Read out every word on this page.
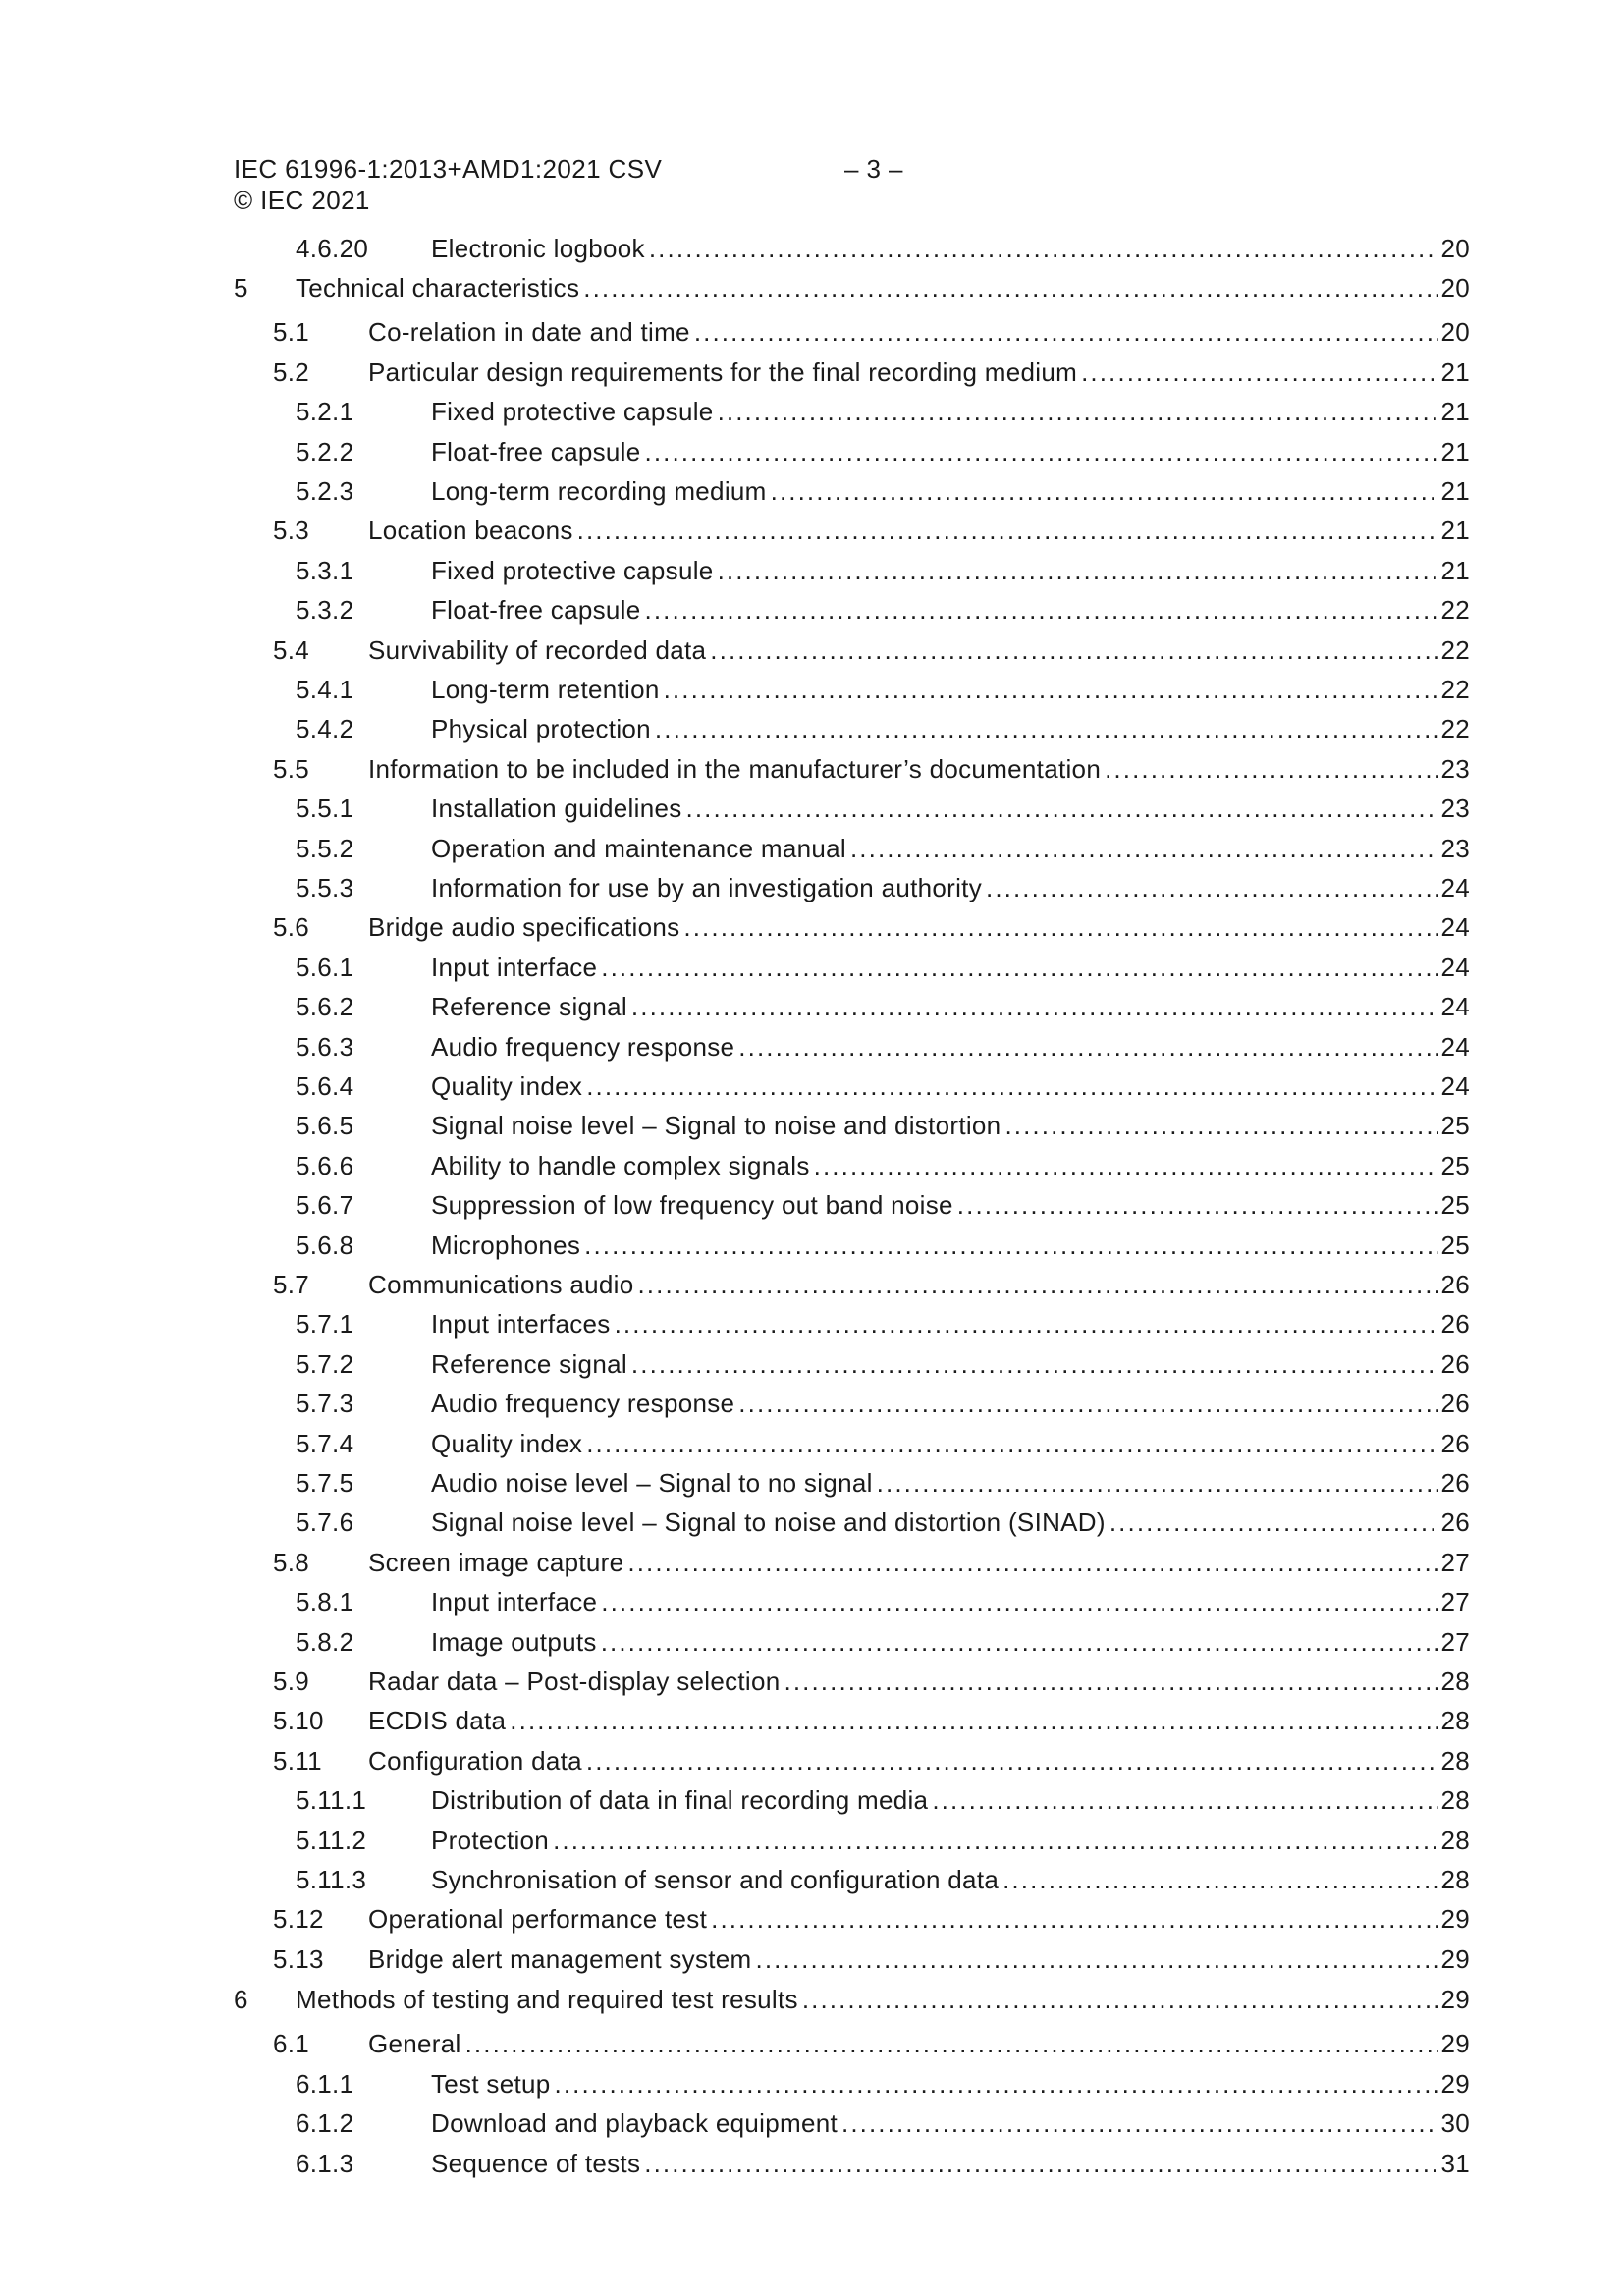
IEC 61996-1:2013+AMD1:2021 CSV	– 3 –
© IEC 2021
4.6.20 Electronic logbook .....	20
5 Technical characteristics .....	20
5.1 Co-relation in date and time .....	20
5.2 Particular design requirements for the final recording medium .....	21
5.2.1	Fixed protective capsule .....	21
5.2.2	Float-free capsule .....	21
5.2.3	Long-term recording medium .....	21
5.3 Location beacons .....	21
5.3.1	Fixed protective capsule .....	21
5.3.2	Float-free capsule .....	22
5.4 Survivability of recorded data .....	22
5.4.1	Long-term retention .....	22
5.4.2	Physical protection .....	22
5.5 Information to be included in the manufacturer’s documentation .....	23
5.5.1	Installation guidelines .....	23
5.5.2	Operation and maintenance manual .....	23
5.5.3	Information for use by an investigation authority .....	24
5.6 Bridge audio specifications .....	24
5.6.1	Input interface .....	24
5.6.2	Reference signal .....	24
5.6.3	Audio frequency response .....	24
5.6.4	Quality index .....	24
5.6.5	Signal noise level – Signal to noise and distortion .....	25
5.6.6	Ability to handle complex signals .....	25
5.6.7	Suppression of low frequency out band noise .....	25
5.6.8	Microphones .....	25
5.7 Communications audio .....	26
5.7.1	Input interfaces .....	26
5.7.2	Reference signal .....	26
5.7.3	Audio frequency response .....	26
5.7.4	Quality index .....	26
5.7.5	Audio noise level – Signal to no signal .....	26
5.7.6	Signal noise level – Signal to noise and distortion (SINAD) .....	26
5.8 Screen image capture .....	27
5.8.1	Input interface .....	27
5.8.2	Image outputs .....	27
5.9 Radar data – Post-display selection .....	28
5.10 ECDIS data .....	28
5.11 Configuration data .....	28
5.11.1	Distribution of data in final recording media .....	28
5.11.2	Protection .....	28
5.11.3	Synchronisation of sensor and configuration data .....	28
5.12 Operational performance test .....	29
5.13 Bridge alert management system .....	29
6 Methods of testing and required test results .....	29
6.1 General .....	29
6.1.1	Test setup .....	29
6.1.2	Download and playback equipment .....	30
6.1.3	Sequence of tests .....	31
